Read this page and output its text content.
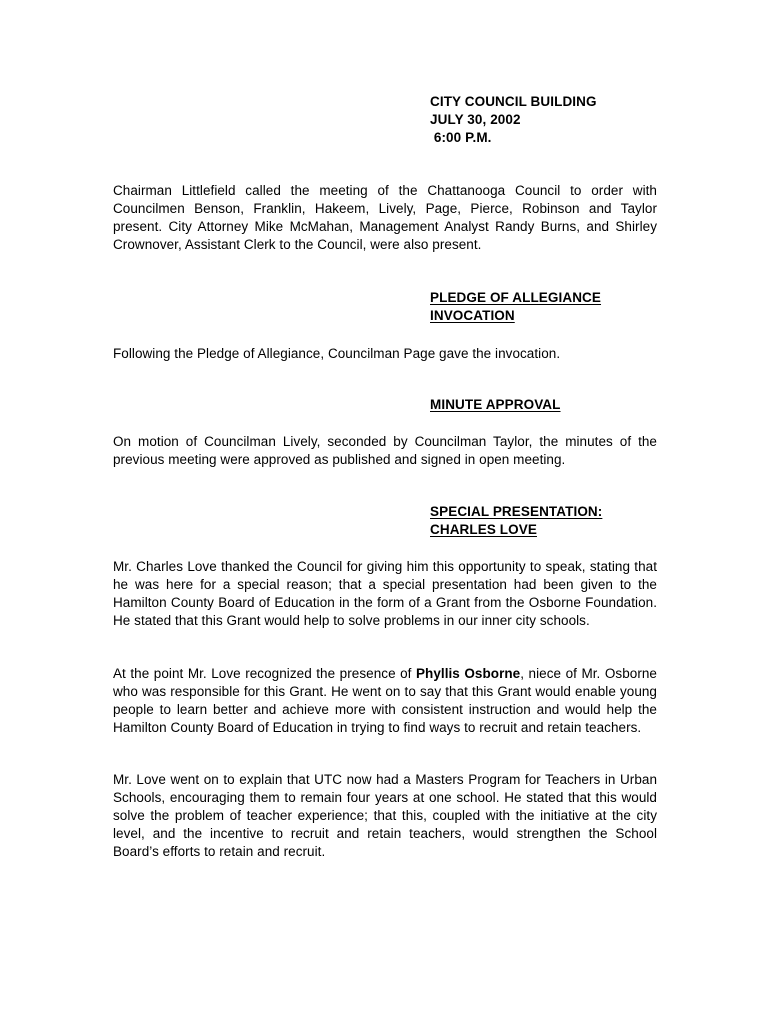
CITY COUNCIL BUILDING
JULY 30, 2002
6:00 P.M.
Chairman Littlefield called the meeting of the Chattanooga Council to order with Councilmen Benson, Franklin, Hakeem, Lively, Page, Pierce, Robinson and Taylor present. City Attorney Mike McMahan, Management Analyst Randy Burns, and Shirley Crownover, Assistant Clerk to the Council, were also present.
PLEDGE OF ALLEGIANCE
INVOCATION
Following the Pledge of Allegiance, Councilman Page gave the invocation.
MINUTE APPROVAL
On motion of Councilman Lively, seconded by Councilman Taylor, the minutes of the previous meeting were approved as published and signed in open meeting.
SPECIAL PRESENTATION:
CHARLES LOVE
Mr. Charles Love thanked the Council for giving him this opportunity to speak, stating that he was here for a special reason; that a special presentation had been given to the Hamilton County Board of Education in the form of a Grant from the Osborne Foundation. He stated that this Grant would help to solve problems in our inner city schools.
At the point Mr. Love recognized the presence of Phyllis Osborne, niece of Mr. Osborne who was responsible for this Grant. He went on to say that this Grant would enable young people to learn better and achieve more with consistent instruction and would help the Hamilton County Board of Education in trying to find ways to recruit and retain teachers.
Mr. Love went on to explain that UTC now had a Masters Program for Teachers in Urban Schools, encouraging them to remain four years at one school. He stated that this would solve the problem of teacher experience; that this, coupled with the initiative at the city level, and the incentive to recruit and retain teachers, would strengthen the School Board’s efforts to retain and recruit.
